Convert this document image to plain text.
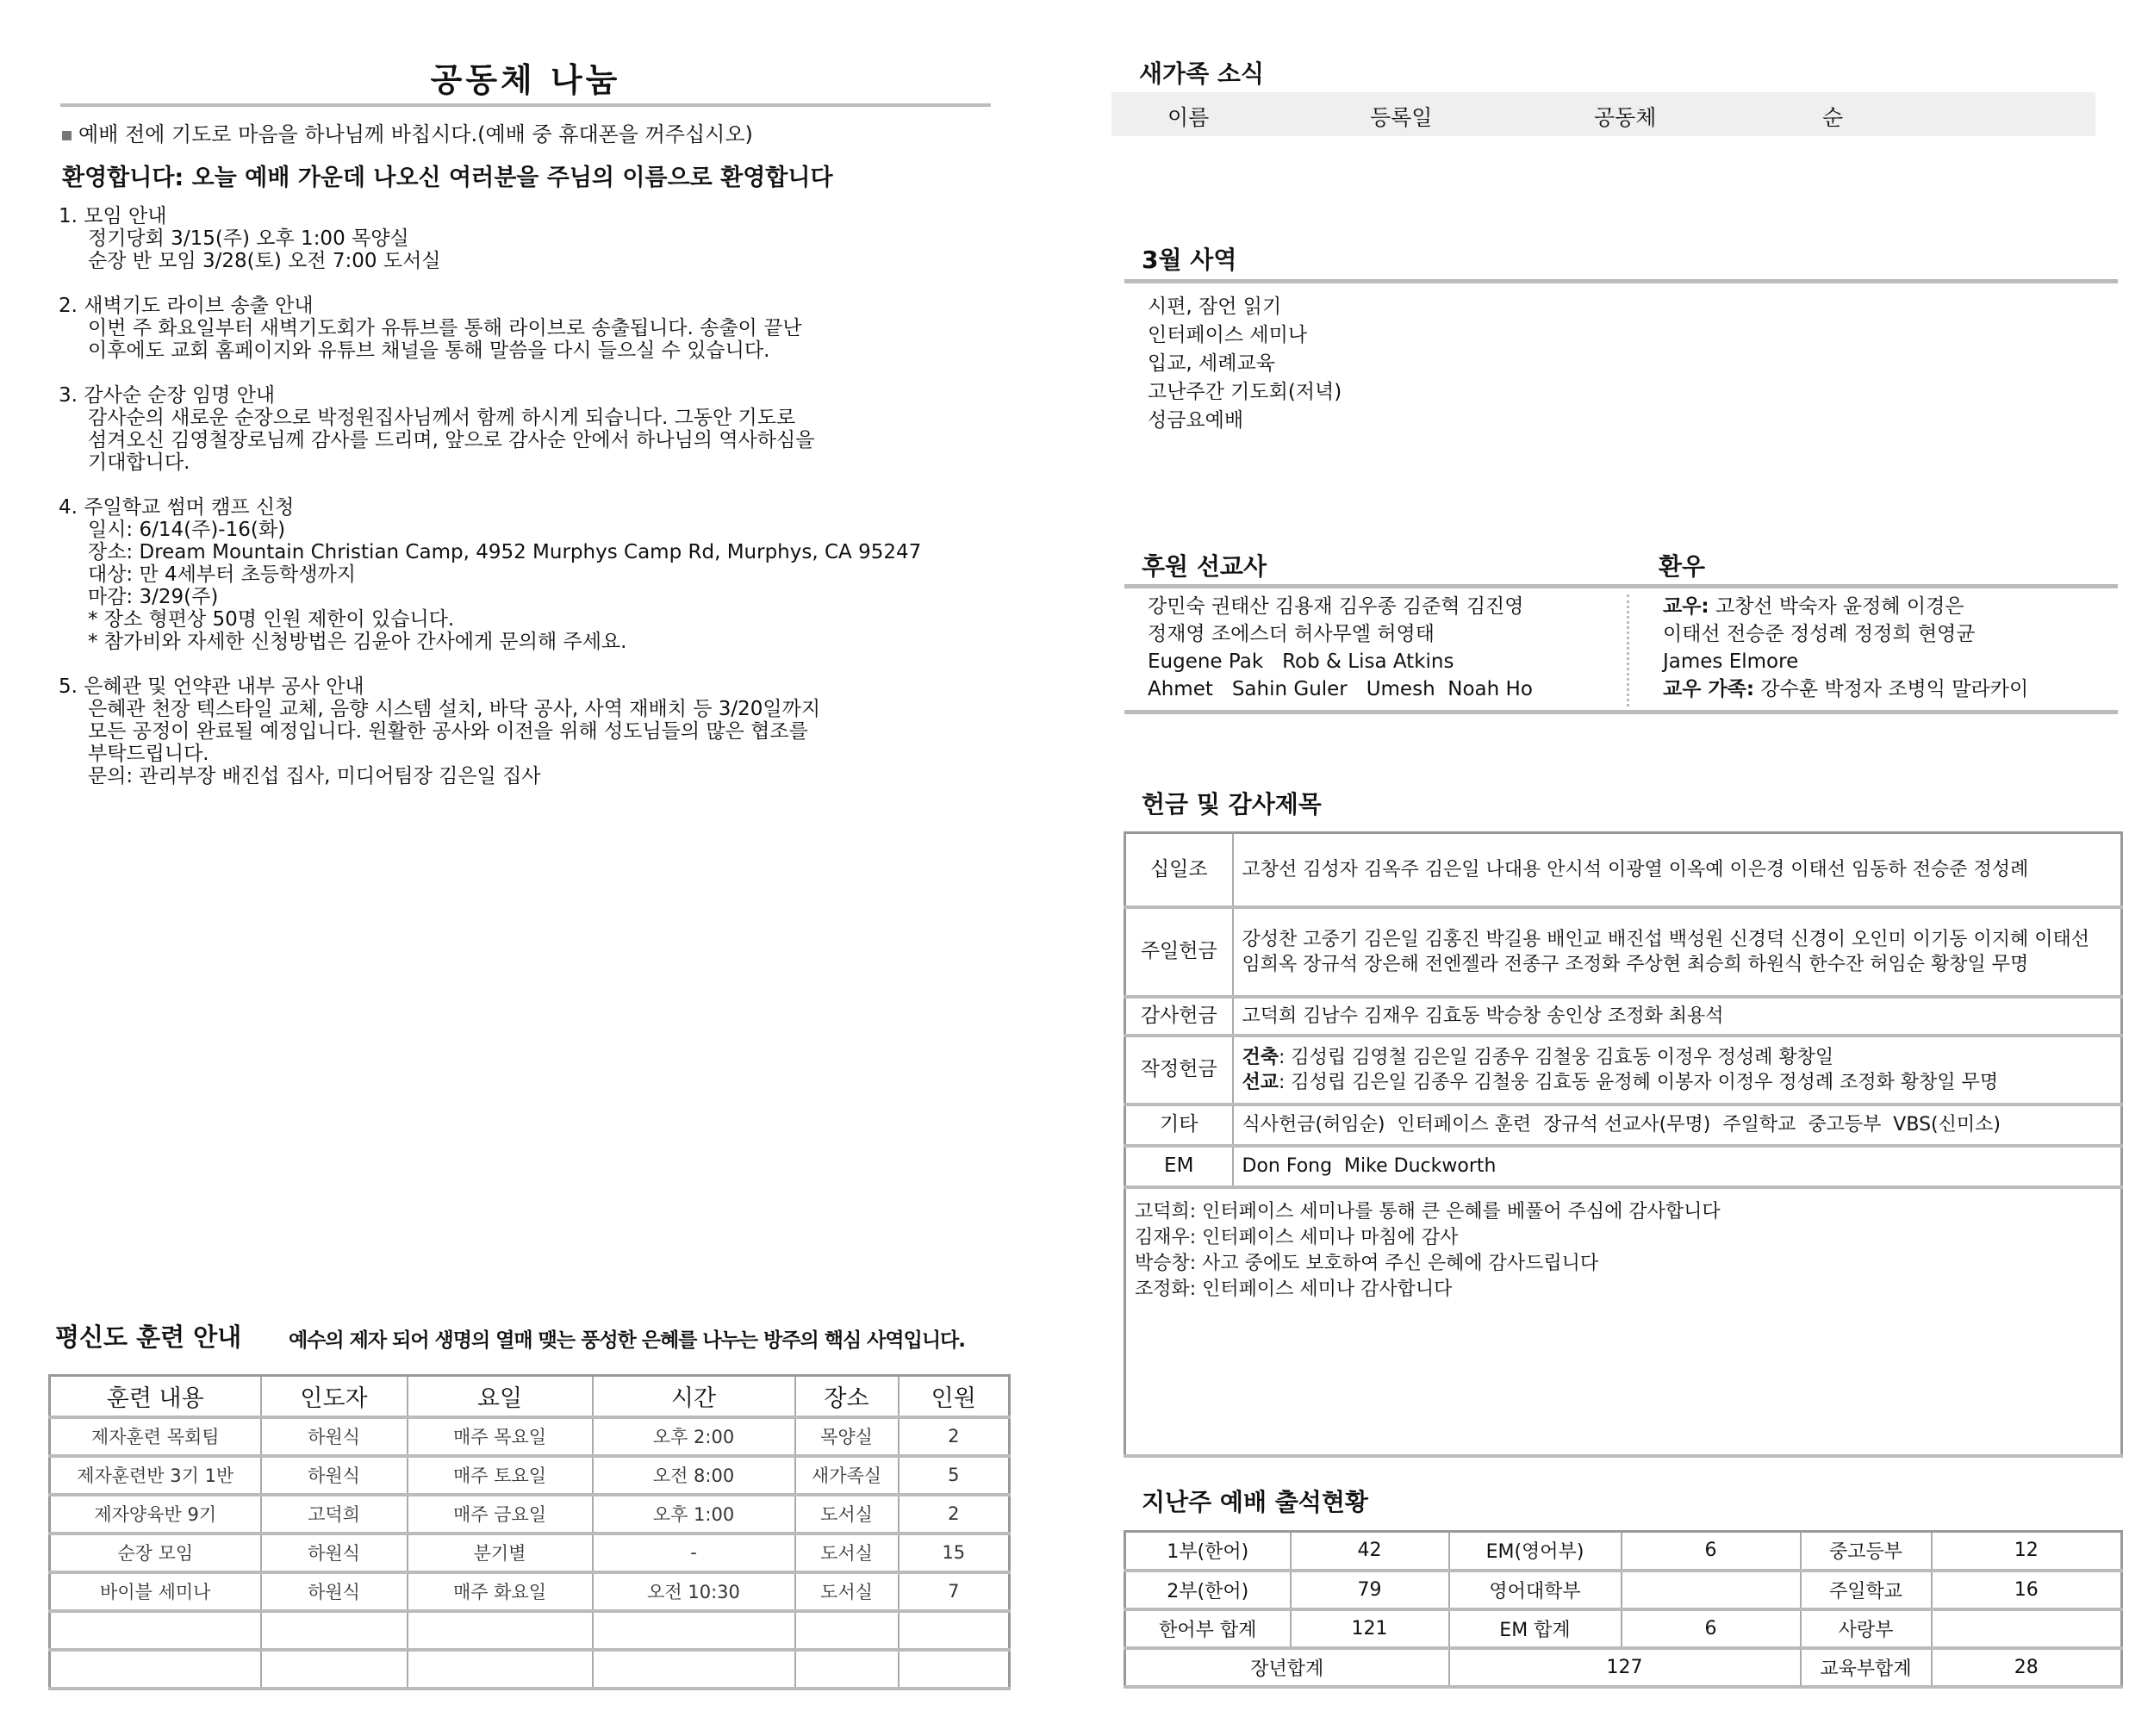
공동체 나눔
예배 전에 기도로 마음을 하나님께 바칩시다.(예배 중 휴대폰을 꺼주십시오)
환영합니다: 오늘 예배 가운데 나오신 여러분을 주님의 이름으로 환영합니다
1. 모임 안내
정기당회 3/15(주) 오후 1:00 목양실
순장 반 모임 3/28(토) 오전 7:00 도서실
2. 새벽기도 라이브 송출 안내
이번 주 화요일부터 새벽기도회가 유튜브를 통해 라이브로 송출됩니다. 송출이 끝난
이후에도 교회 홈페이지와 유튜브 채널을 통해 말씀을 다시 들으실 수 있습니다.
3. 감사순 순장 임명 안내
감사순의 새로운 순장으로 박정원집사님께서 함께 하시게 되습니다. 그동안 기도로
섬겨오신 김영철장로님께 감사를 드리며, 앞으로 감사순 안에서 하나님의 역사하심을
기대합니다.
4. 주일학교 썸머 캠프 신청
일시: 6/14(주)-16(화)
장소: Dream Mountain Christian Camp, 4952 Murphys Camp Rd, Murphys, CA 95247
대상: 만 4세부터 초등학생까지
마감: 3/29(주)
* 장소 형편상 50명 인원 제한이 있습니다.
* 참가비와 자세한 신청방법은 김윤아 간사에게 문의해 주세요.
5. 은혜관 및 언약관 내부 공사 안내
은혜관 천장 텍스타일 교체, 음향 시스템 설치, 바닥 공사, 사역 재배치 등 3/20일까지
모든 공정이 완료될 예정입니다. 원활한 공사와 이전을 위해 성도님들의 많은 협조를
부탁드립니다.
문의: 관리부장 배진섭 집사, 미디어팀장 김은일 집사
평신도 훈련 안내 예수의 제자 되어 생명의 열매 맺는 풍성한 은혜를 나누는 방주의 핵심 사역입니다.
훈련 내용	인도자	요일	시간	장소	인원
제자훈련 목회팀	하원식	매주 목요일	오후 2:00	목양실	2
제자훈련반 3기 1반	하원식	매주 토요일	오전 8:00	새가족실	5
제자양육반 9기	고덕희	매주 금요일	오후 1:00	도서실	2
순장 모임	하원식	분기별	-	도서실	15
바이블 세미나	하원식	매주 화요일	오전 10:30	도서실	7

새가족 소식
이름	등록일	공동체	순
3월 사역
시편, 잠언 읽기
인터페이스 세미나
입교, 세례교육
고난주간 기도회(저녁)
성금요예배
후원 선교사	환우
강민숙 권태산 김용재 김우종 김준혁 김진영
정재영 조에스더 허사무엘 허영태
Eugene Pak   Rob & Lisa Atkins
Ahmet   Sahin Guler   Umesh  Noah Ho
교우: 고창선 박숙자 윤정혜 이경은
이태선 전승준 정성례 정정희 현영균
James Elmore
교우 가족: 강수훈 박정자 조병익 말라카이
헌금 및 감사제목
십일조	고창선 김성자 김옥주 김은일 나대용 안시석 이광열 이옥예 이은경 이태선 임동하 전승준 정성례
주일헌금	강성찬 고중기 김은일 김홍진 박길용 배인교 배진섭 백성원 신경덕 신경이 오인미 이기동 이지혜 이태선 임희옥 장규석 장은해 전엔젤라 전종구 조정화 주상현 최승희 하원식 한수잔 허임순 황창일 무명
감사헌금	고덕희 김남수 김재우 김효동 박승창 송인상 조정화 최용석
작정헌금	건축: 김성립 김영철 김은일 김종우 김철웅 김효동 이정우 정성례 황창일
선교: 김성립 김은일 김종우 김철웅 김효동 윤정혜 이봉자 이정우 정성례 조정화 황창일 무명

기타	식사헌금(허임순)  인터페이스 훈련  장규석 선교사(무명)  주일학교  중고등부  VBS(신미소)
EM	Don Fong  Mike Duckworth

고덕희: 인터페이스 세미나를 통해 큰 은혜를 베풀어 주심에 감사합니다
김재우: 인터페이스 세미나 마침에 감사
박승창: 사고 중에도 보호하여 주신 은혜에 감사드립니다
조정화: 인터페이스 세미나 감사합니다	
지난주 예배 출석현황
1부(한어)	42	EM(영어부)	6	중고등부	12
2부(한어)	79	영어대학부		주일학교	16
한어부 합계	121	EM 합계	6	사랑부	
장년합계		127		교육부합계	28
